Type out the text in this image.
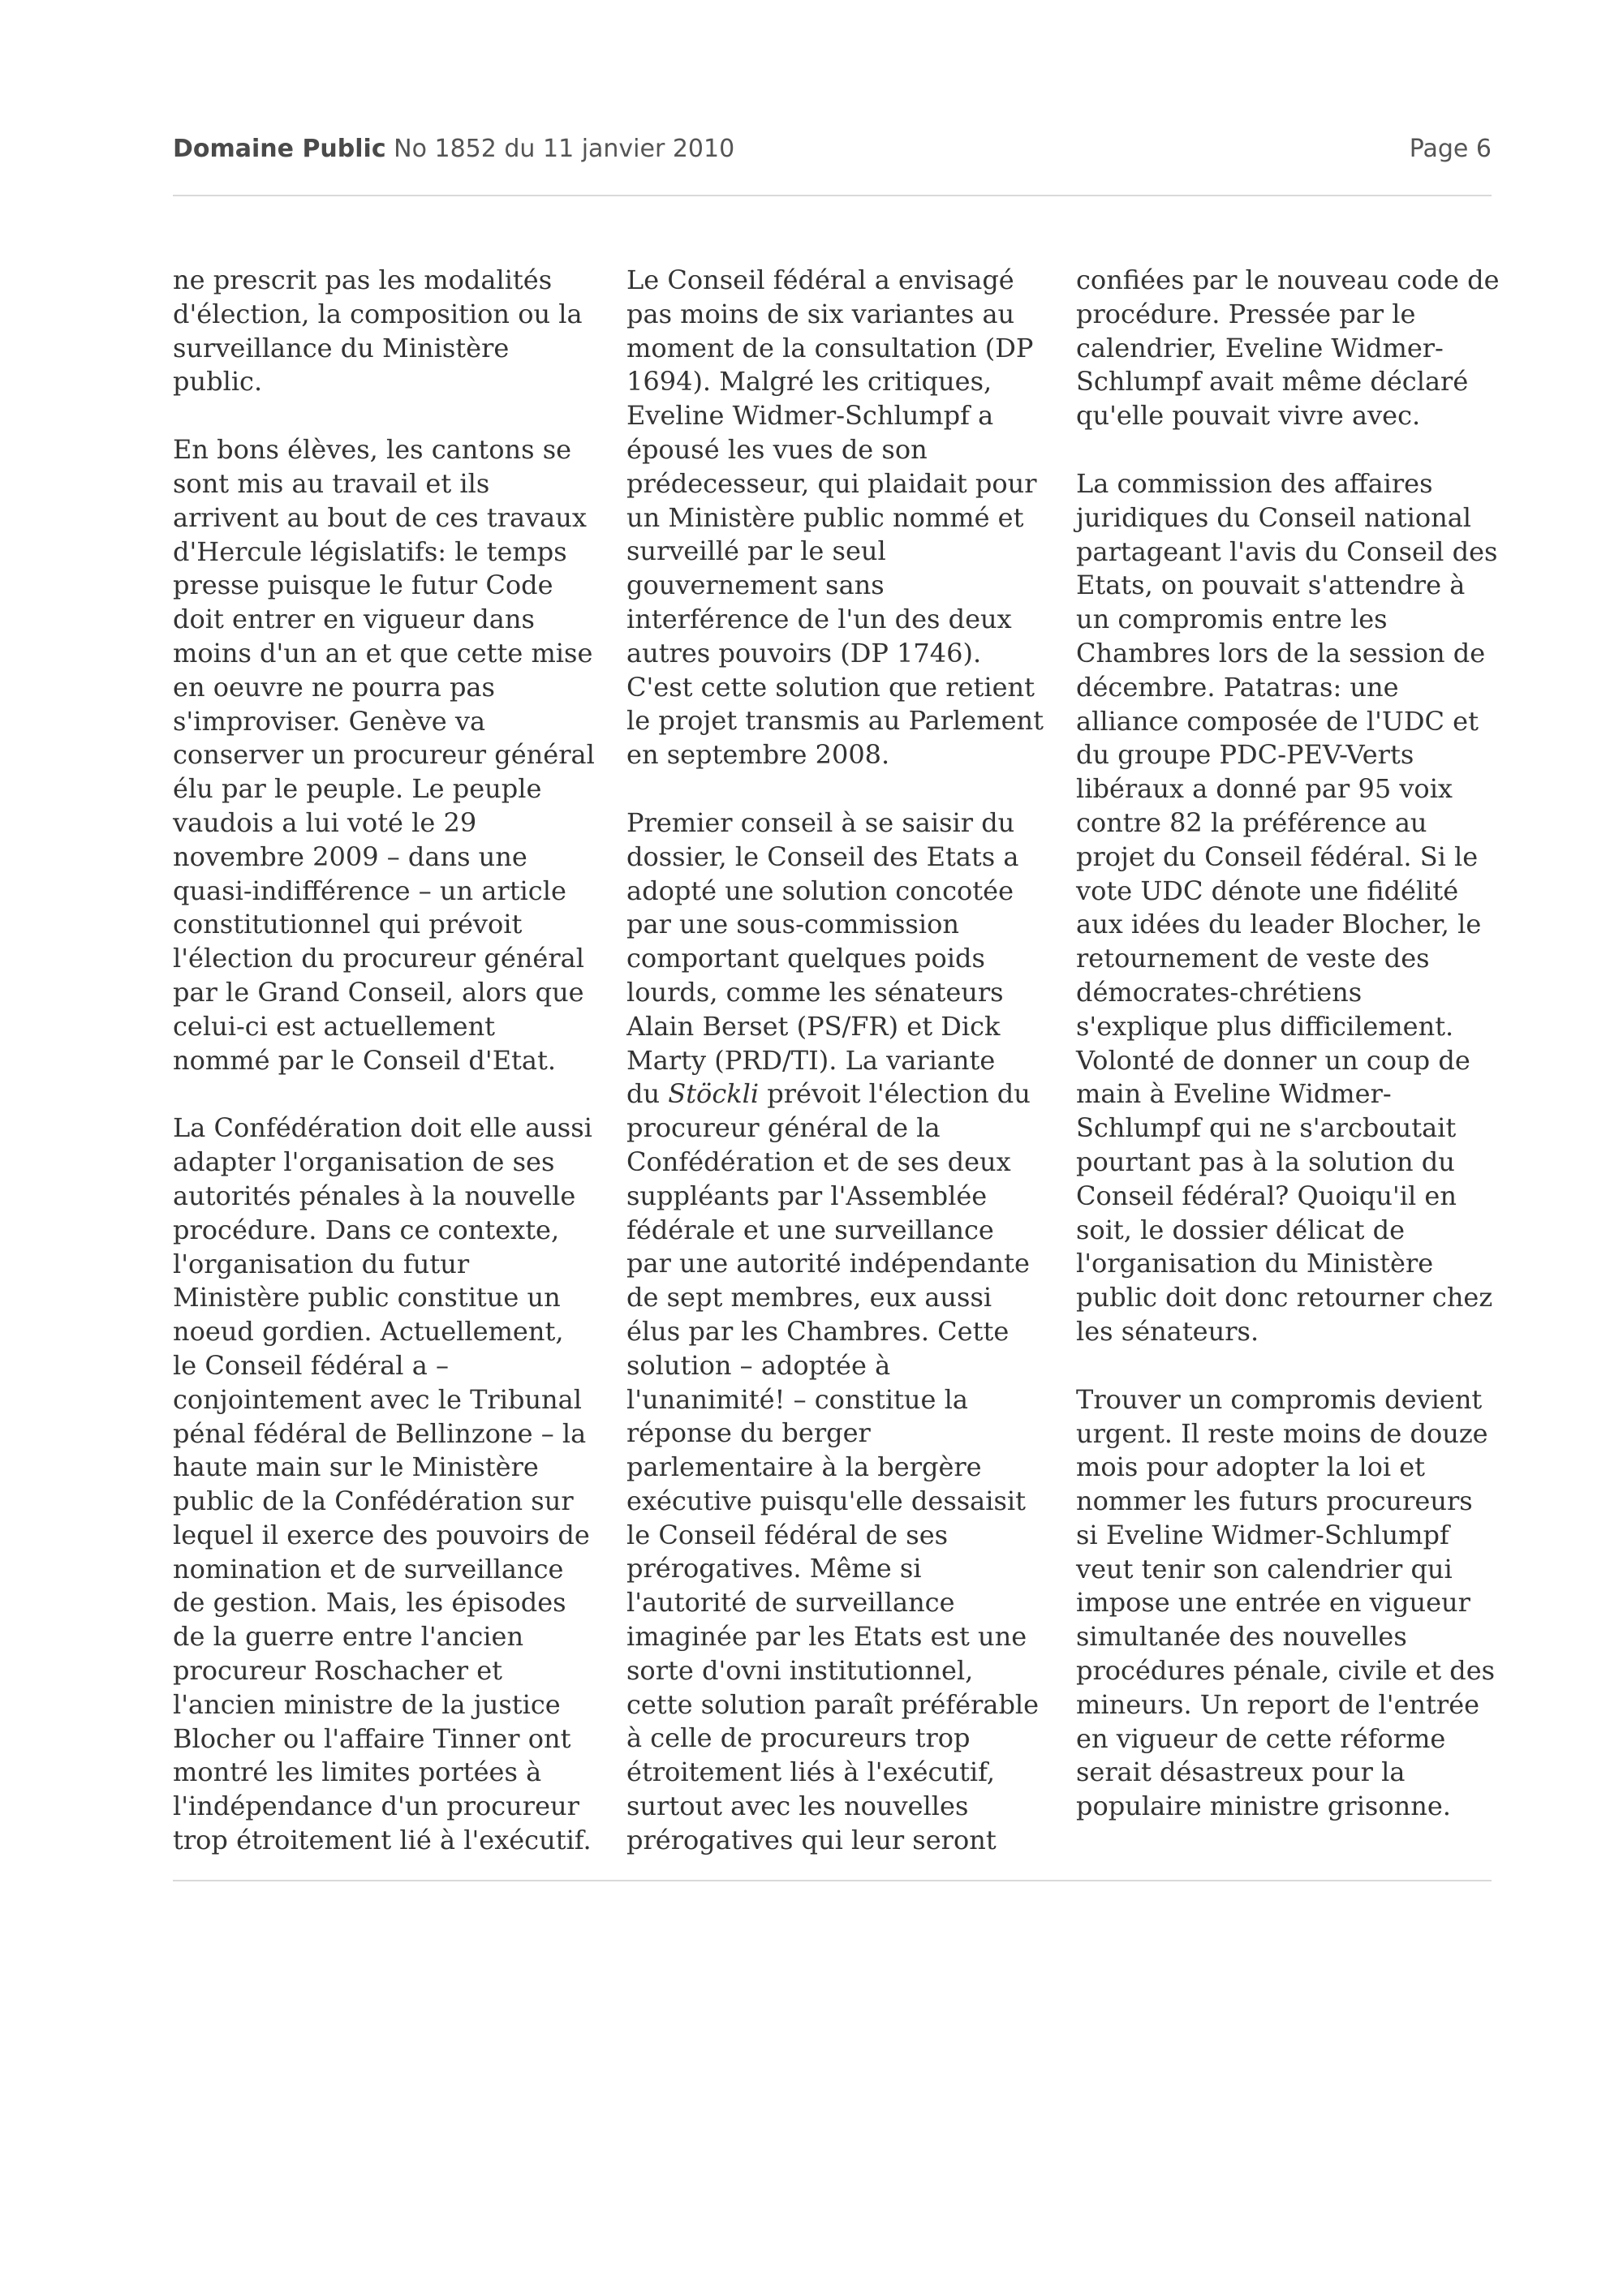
Domaine Public No 1852 du 11 janvier 2010	Page 6

ne prescrit pas les modalités
d'élection, la composition ou la
surveillance du Ministère
public.

En bons élèves, les cantons se
sont mis au travail et ils
arrivent au bout de ces travaux
d'Hercule législatifs: le temps
presse puisque le futur Code
doit entrer en vigueur dans
moins d'un an et que cette mise
en oeuvre ne pourra pas
s'improviser. Genève va
conserver un procureur général
élu par le peuple. Le peuple
vaudois a lui voté le 29
novembre 2009 – dans une
quasi-indifférence – un article
constitutionnel qui prévoit
l'élection du procureur général
par le Grand Conseil, alors que
celui-ci est actuellement
nommé par le Conseil d'Etat.

La Confédération doit elle aussi
adapter l'organisation de ses
autorités pénales à la nouvelle
procédure. Dans ce contexte,
l'organisation du futur
Ministère public constitue un
noeud gordien. Actuellement,
le Conseil fédéral a –
conjointement avec le Tribunal
pénal fédéral de Bellinzone – la
haute main sur le Ministère
public de la Confédération sur
lequel il exerce des pouvoirs de
nomination et de surveillance
de gestion. Mais, les épisodes
de la guerre entre l'ancien
procureur Roschacher et
l'ancien ministre de la justice
Blocher ou l'affaire Tinner ont
montré les limites portées à
l'indépendance d'un procureur
trop étroitement lié à l'exécutif.

Le Conseil fédéral a envisagé
pas moins de six variantes au
moment de la consultation (DP
1694). Malgré les critiques,
Eveline Widmer-Schlumpf a
épousé les vues de son
prédecesseur, qui plaidait pour
un Ministère public nommé et
surveillé par le seul
gouvernement sans
interférence de l'un des deux
autres pouvoirs (DP 1746).
C'est cette solution que retient
le projet transmis au Parlement
en septembre 2008.

Premier conseil à se saisir du
dossier, le Conseil des Etats a
adopté une solution concotée
par une sous-commission
comportant quelques poids
lourds, comme les sénateurs
Alain Berset (PS/FR) et Dick
Marty (PRD/TI). La variante
du Stöckli prévoit l'élection du
procureur général de la
Confédération et de ses deux
suppléants par l'Assemblée
fédérale et une surveillance
par une autorité indépendante
de sept membres, eux aussi
élus par les Chambres. Cette
solution – adoptée à
l'unanimité! – constitue la
réponse du berger
parlementaire à la bergère
exécutive puisqu'elle dessaisit
le Conseil fédéral de ses
prérogatives. Même si
l'autorité de surveillance
imaginée par les Etats est une
sorte d'ovni institutionnel,
cette solution paraît préférable
à celle de procureurs trop
étroitement liés à l'exécutif,
surtout avec les nouvelles
prérogatives qui leur seront

confiées par le nouveau code de
procédure. Pressée par le
calendrier, Eveline Widmer-
Schlumpf avait même déclaré
qu'elle pouvait vivre avec.

La commission des affaires
juridiques du Conseil national
partageant l'avis du Conseil des
Etats, on pouvait s'attendre à
un compromis entre les
Chambres lors de la session de
décembre. Patatras: une
alliance composée de l'UDC et
du groupe PDC-PEV-Verts
libéraux a donné par 95 voix
contre 82 la préférence au
projet du Conseil fédéral. Si le
vote UDC dénote une fidélité
aux idées du leader Blocher, le
retournement de veste des
démocrates-chrétiens
s'explique plus difficilement.
Volonté de donner un coup de
main à Eveline Widmer-
Schlumpf qui ne s'arcboutait
pourtant pas à la solution du
Conseil fédéral? Quoiqu'il en
soit, le dossier délicat de
l'organisation du Ministère
public doit donc retourner chez
les sénateurs.

Trouver un compromis devient
urgent. Il reste moins de douze
mois pour adopter la loi et
nommer les futurs procureurs
si Eveline Widmer-Schlumpf
veut tenir son calendrier qui
impose une entrée en vigueur
simultanée des nouvelles
procédures pénale, civile et des
mineurs. Un report de l'entrée
en vigueur de cette réforme
serait désastreux pour la
populaire ministre grisonne.
